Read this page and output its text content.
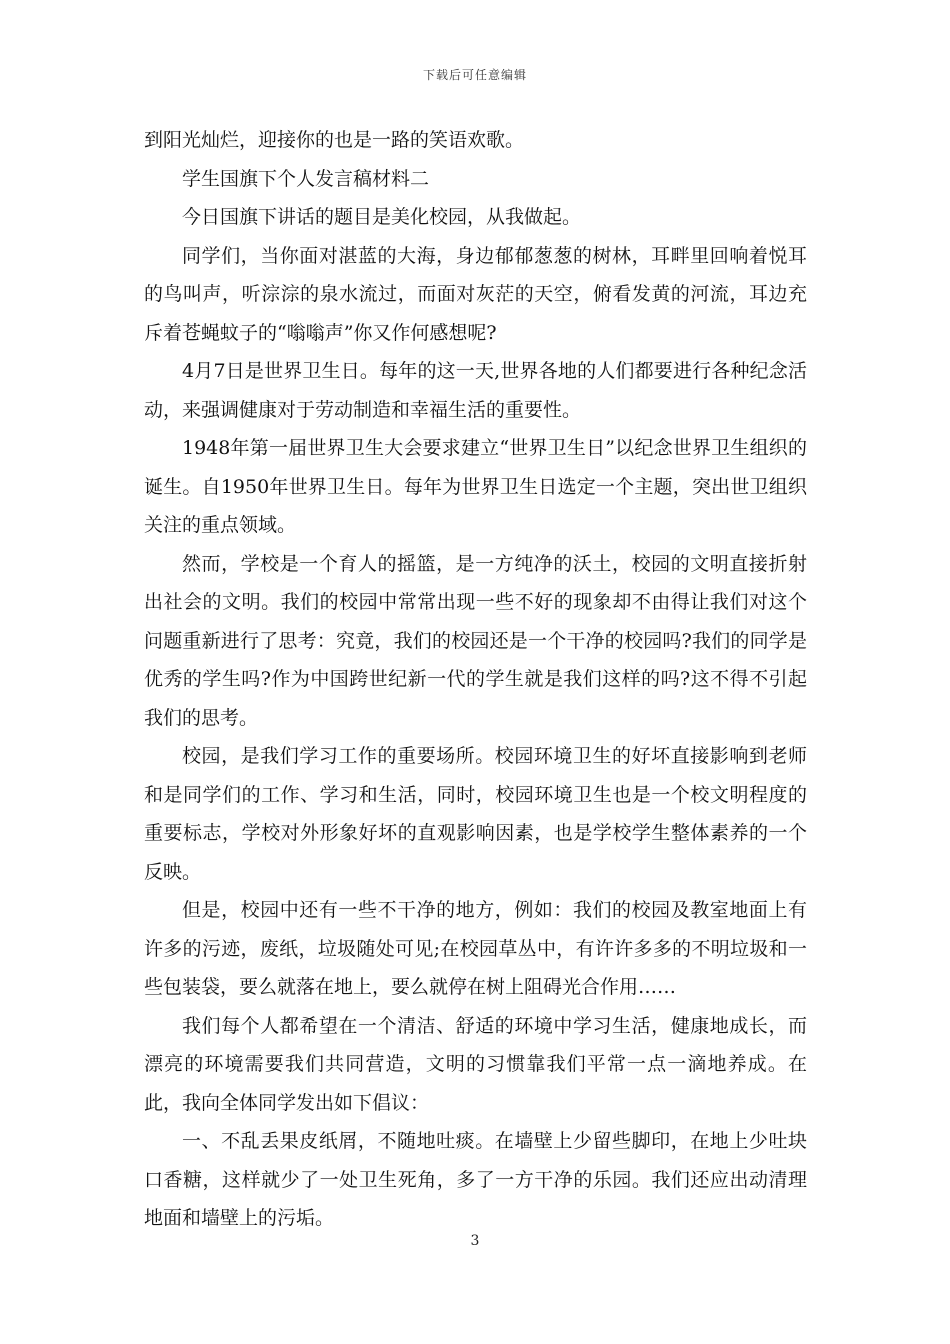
下载后可任意编辑

到阳光灿烂，迎接你的也是一路的笑语欢歌。

学生国旗下个人发言稿材料二

今日国旗下讲话的题目是美化校园，从我做起。

同学们，当你面对湛蓝的大海，身边郁郁葱葱的树林，耳畔里回响着悦耳的鸟叫声，听淙淙的泉水流过，而面对灰茫的天空，俯看发黄的河流，耳边充斥着苍蝇蚊子的“嗡嗡声”你又作何感想呢?

4月7日是世界卫生日。每年的这一天,世界各地的人们都要进行各种纪念活动，来强调健康对于劳动制造和幸福生活的重要性。

1948年第一届世界卫生大会要求建立“世界卫生日”以纪念世界卫生组织的诞生。自1950年世界卫生日。每年为世界卫生日选定一个主题，突出世卫组织关注的重点领域。

然而，学校是一个育人的摇篮，是一方纯净的沃土，校园的文明直接折射出社会的文明。我们的校园中常常出现一些不好的现象却不由得让我们对这个问题重新进行了思考：究竟，我们的校园还是一个干净的校园吗?我们的同学是优秀的学生吗?作为中国跨世纪新一代的学生就是我们这样的吗?这不得不引起我们的思考。

校园，是我们学习工作的重要场所。校园环境卫生的好坏直接影响到老师和是同学们的工作、学习和生活，同时，校园环境卫生也是一个校文明程度的重要标志，学校对外形象好坏的直观影响因素，也是学校学生整体素养的一个反映。

但是，校园中还有一些不干净的地方，例如：我们的校园及教室地面上有许多的污迹，废纸，垃圾随处可见;在校园草丛中，有许许多多的不明垃圾和一些包装袋，要么就落在地上，要么就停在树上阻碍光合作用……

我们每个人都希望在一个清洁、舒适的环境中学习生活，健康地成长，而漂亮的环境需要我们共同营造，文明的习惯靠我们平常一点一滴地养成。在此，我向全体同学发出如下倡议：

一、不乱丢果皮纸屑，不随地吐痰。在墙壁上少留些脚印，在地上少吐块口香糖，这样就少了一处卫生死角，多了一方干净的乐园。我们还应出动清理地面和墙壁上的污垢。

3
